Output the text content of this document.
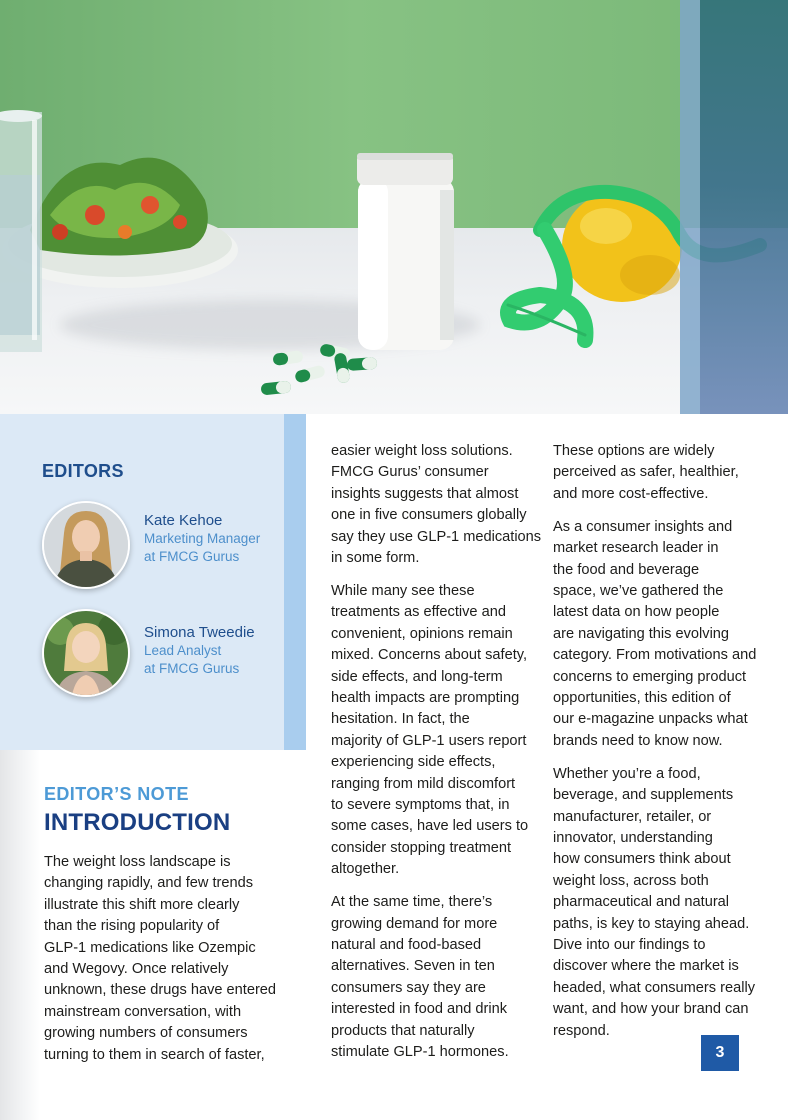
EDITORS
Kate Kehoe
Marketing Manager
at FMCG Gurus
Simona Tweedie
Lead Analyst
at FMCG Gurus
EDITOR’S NOTE
INTRODUCTION

The weight loss landscape is
changing rapidly, and few trends
illustrate this shift more clearly
than the rising popularity of
GLP-1 medications like Ozempic
and Wegovy. Once relatively
unknown, these drugs have entered
mainstream conversation, with
growing numbers of consumers
turning to them in search of faster,

easier weight loss solutions.
FMCG Gurus’ consumer
insights suggests that almost
one in five consumers globally
say they use GLP-1 medications
in some form.

While many see these
treatments as effective and
convenient, opinions remain
mixed. Concerns about safety,
side effects, and long-term
health impacts are prompting
hesitation. In fact, the
majority of GLP-1 users report
experiencing side effects,
ranging from mild discomfort
to severe symptoms that, in
some cases, have led users to
consider stopping treatment
altogether.

At the same time, there’s
growing demand for more
natural and food-based
alternatives. Seven in ten
consumers say they are
interested in food and drink
products that naturally
stimulate GLP-1 hormones.

These options are widely
perceived as safer, healthier,
and more cost-effective.

As a consumer insights and
market research leader in
the food and beverage
space, we’ve gathered the
latest data on how people
are navigating this evolving
category. From motivations and
concerns to emerging product
opportunities, this edition of
our e-magazine unpacks what
brands need to know now.

Whether you’re a food,
beverage, and supplements
manufacturer, retailer, or
innovator, understanding
how consumers think about
weight loss, across both
pharmaceutical and natural
paths, is key to staying ahead.
Dive into our findings to
discover where the market is
headed, what consumers really
want, and how your brand can
respond.

3
